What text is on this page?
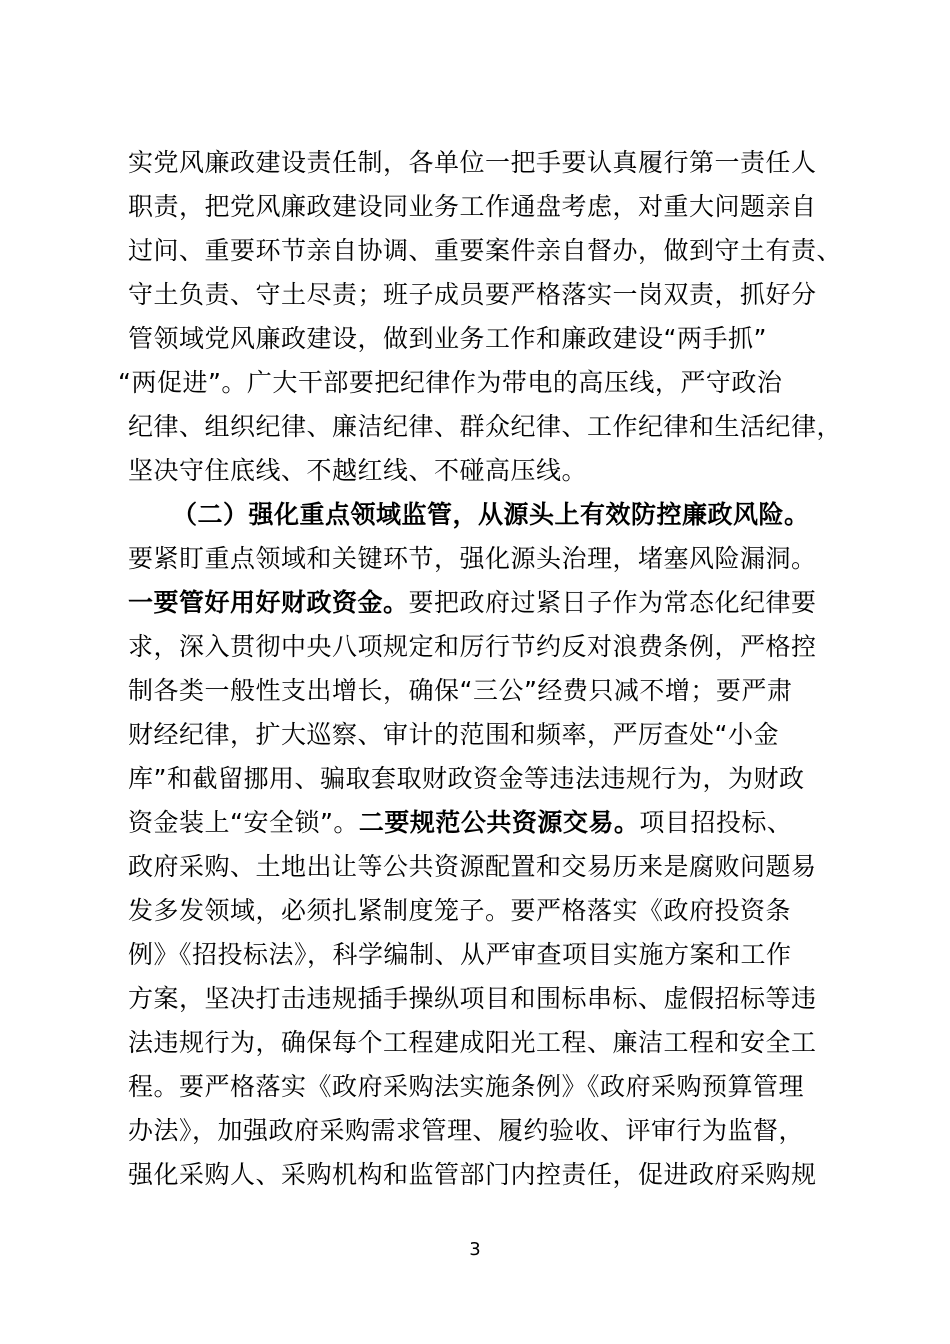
实党风廉政建设责任制，各单位一把手要认真履行第一责任人
职责，把党风廉政建设同业务工作通盘考虑，对重大问题亲自
过问、重要环节亲自协调、重要案件亲自督办，做到守土有责、
守土负责、守土尽责；班子成员要严格落实一岗双责，抓好分
管领域党风廉政建设，做到业务工作和廉政建设“两手抓”
“两促进”。广大干部要把纪律作为带电的高压线，严守政治
纪律、组织纪律、廉洁纪律、群众纪律、工作纪律和生活纪律，
坚决守住底线、不越红线、不碰高压线。
（二）强化重点领域监管，从源头上有效防控廉政风险。
要紧盯重点领域和关键环节，强化源头治理，堵塞风险漏洞。
一要管好用好财政资金。要把政府过紧日子作为常态化纪律要
求，深入贯彻中央八项规定和厉行节约反对浪费条例，严格控
制各类一般性支出增长，确保“三公”经费只减不增；要严肃
财经纪律，扩大巡察、审计的范围和频率，严厉查处“小金
库”和截留挪用、骗取套取财政资金等违法违规行为，为财政
资金装上“安全锁”。二要规范公共资源交易。项目招投标、
政府采购、土地出让等公共资源配置和交易历来是腐败问题易
发多发领域，必须扎紧制度笼子。要严格落实《政府投资条
例》《招投标法》，科学编制、从严审查项目实施方案和工作
方案，坚决打击违规插手操纵项目和围标串标、虚假招标等违
法违规行为，确保每个工程建成阳光工程、廉洁工程和安全工
程。要严格落实《政府采购法实施条例》《政府采购预算管理
办法》，加强政府采购需求管理、履约验收、评审行为监督，
强化采购人、采购机构和监管部门内控责任，促进政府采购规
3
